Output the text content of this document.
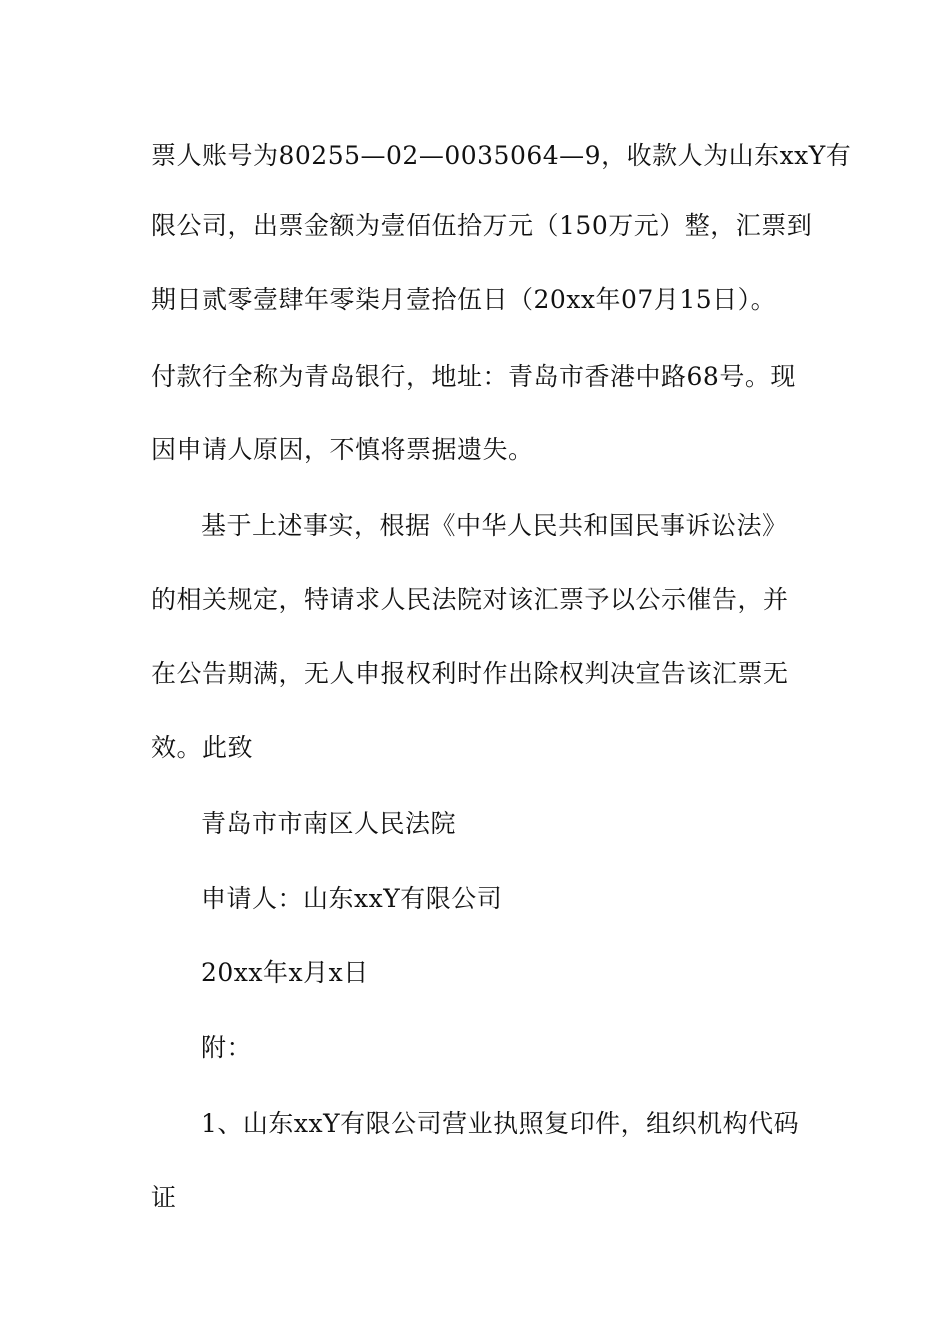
票人账号为80255—02—0035064—9，收款人为山东xxY有
限公司，出票金额为壹佰伍拾万元（150万元）整，汇票到
期日贰零壹肆年零柒月壹拾伍日（20xx年07月15日）。
付款行全称为青岛银行，地址：青岛市香港中路68号。现
因申请人原因，不慎将票据遗失。
基于上述事实，根据《中华人民共和国民事诉讼法》
的相关规定，特请求人民法院对该汇票予以公示催告，并
在公告期满，无人申报权利时作出除权判决宣告该汇票无
效。此致
青岛市市南区人民法院
申请人：山东xxY有限公司
20xx年x月x日
附：
1、山东xxY有限公司营业执照复印件，组织机构代码
证
